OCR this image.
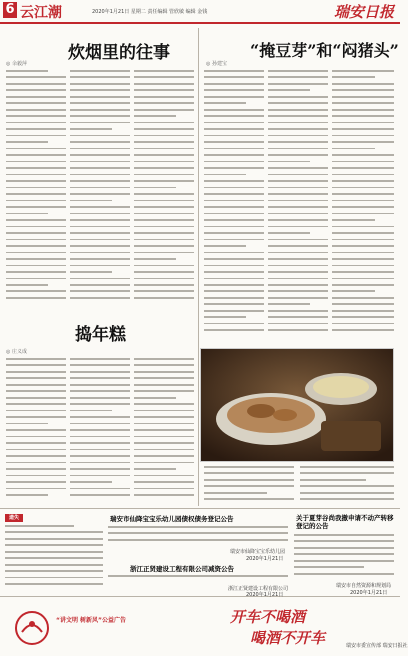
6 云江潮	2020年1月21日 星期二 责任编辑 管欣敏 编辑 金钱	瑞安日报
炊烟里的往事
◎ 余毅萍
“掩豆芽”和“闷猪头”
◎ 孙建宝
捣年糕
◎ 庄义成
遗失	瑞安市仙降宝宝乐幼儿园债权债务登记公告
瑞安市仙降宝宝乐幼儿园
2020年1月21日
浙江正贤建设工程有限公司减资公告
浙江正贤建设工程有限公司
2020年1月21日
关于夏芽谷尚我撤申请不动产转移登记的公告
瑞安市自然资源和规划局
2020年1月21日
“讲文明 树新风”公益广告	开车不喝酒
喝酒不开车	瑞安市委宣传部 瑞安日报社
